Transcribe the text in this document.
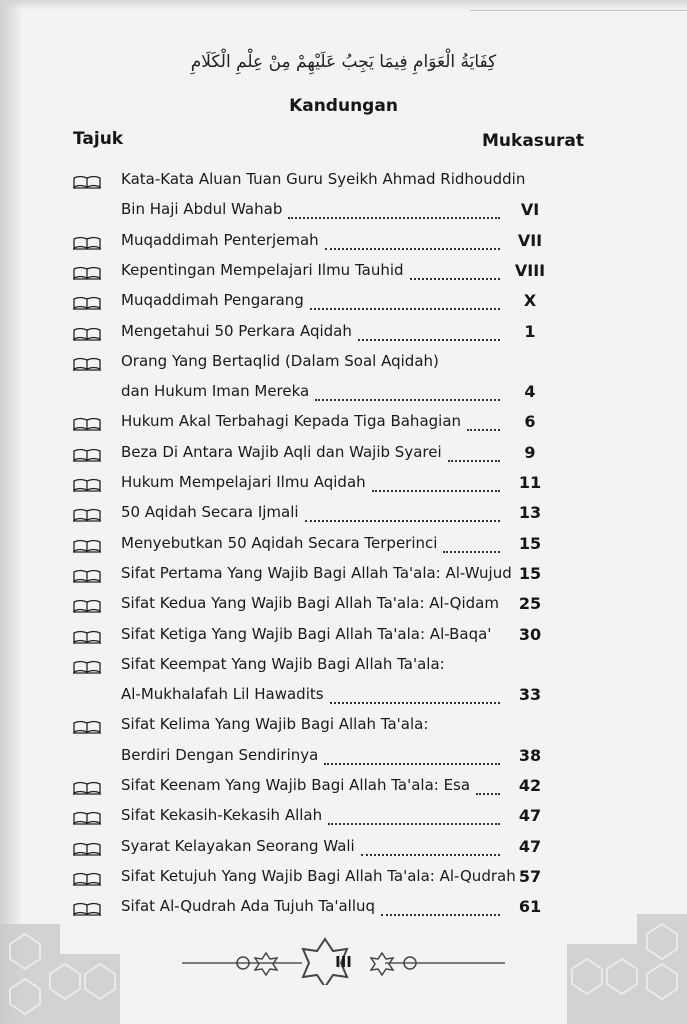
كِفَايَةُ الْعَوَامِ فِيمَا يَجِبُ عَلَيْهِمْ مِنْ عِلْمِ الْكَلَامِ
Kandungan
Tajuk	Mukasurat
Kata-Kata Aluan Tuan Guru Syeikh Ahmad Ridhouddin
Bin Haji Abdul Wahab	VI
Muqaddimah Penterjemah	VII
Kepentingan Mempelajari Ilmu Tauhid	VIII
Muqaddimah Pengarang	X
Mengetahui 50 Perkara Aqidah	1
Orang Yang Bertaqlid (Dalam Soal Aqidah)
dan Hukum Iman Mereka	4
Hukum Akal Terbahagi Kepada Tiga Bahagian	6
Beza Di Antara Wajib Aqli dan Wajib Syarei	9
Hukum Mempelajari Ilmu Aqidah	11
50 Aqidah Secara Ijmali	13
Menyebutkan 50 Aqidah Secara Terperinci	15
Sifat Pertama Yang Wajib Bagi Allah Ta'ala: Al-Wujud 15
Sifat Kedua Yang Wajib Bagi Allah Ta'ala: Al-Qidam	25
Sifat Ketiga Yang Wajib Bagi Allah Ta'ala: Al-Baqa'	30
Sifat Keempat Yang Wajib Bagi Allah Ta'ala:
Al-Mukhalafah Lil Hawadits	33
Sifat Kelima Yang Wajib Bagi Allah Ta'ala:
Berdiri Dengan Sendirinya	38
Sifat Keenam Yang Wajib Bagi Allah Ta'ala: Esa	42
Sifat Kekasih-Kekasih Allah	47
Syarat Kelayakan Seorang Wali	47
Sifat Ketujuh Yang Wajib Bagi Allah Ta'ala: Al-Qudrah 57
Sifat Al-Qudrah Ada Tujuh Ta'alluq	61
III
